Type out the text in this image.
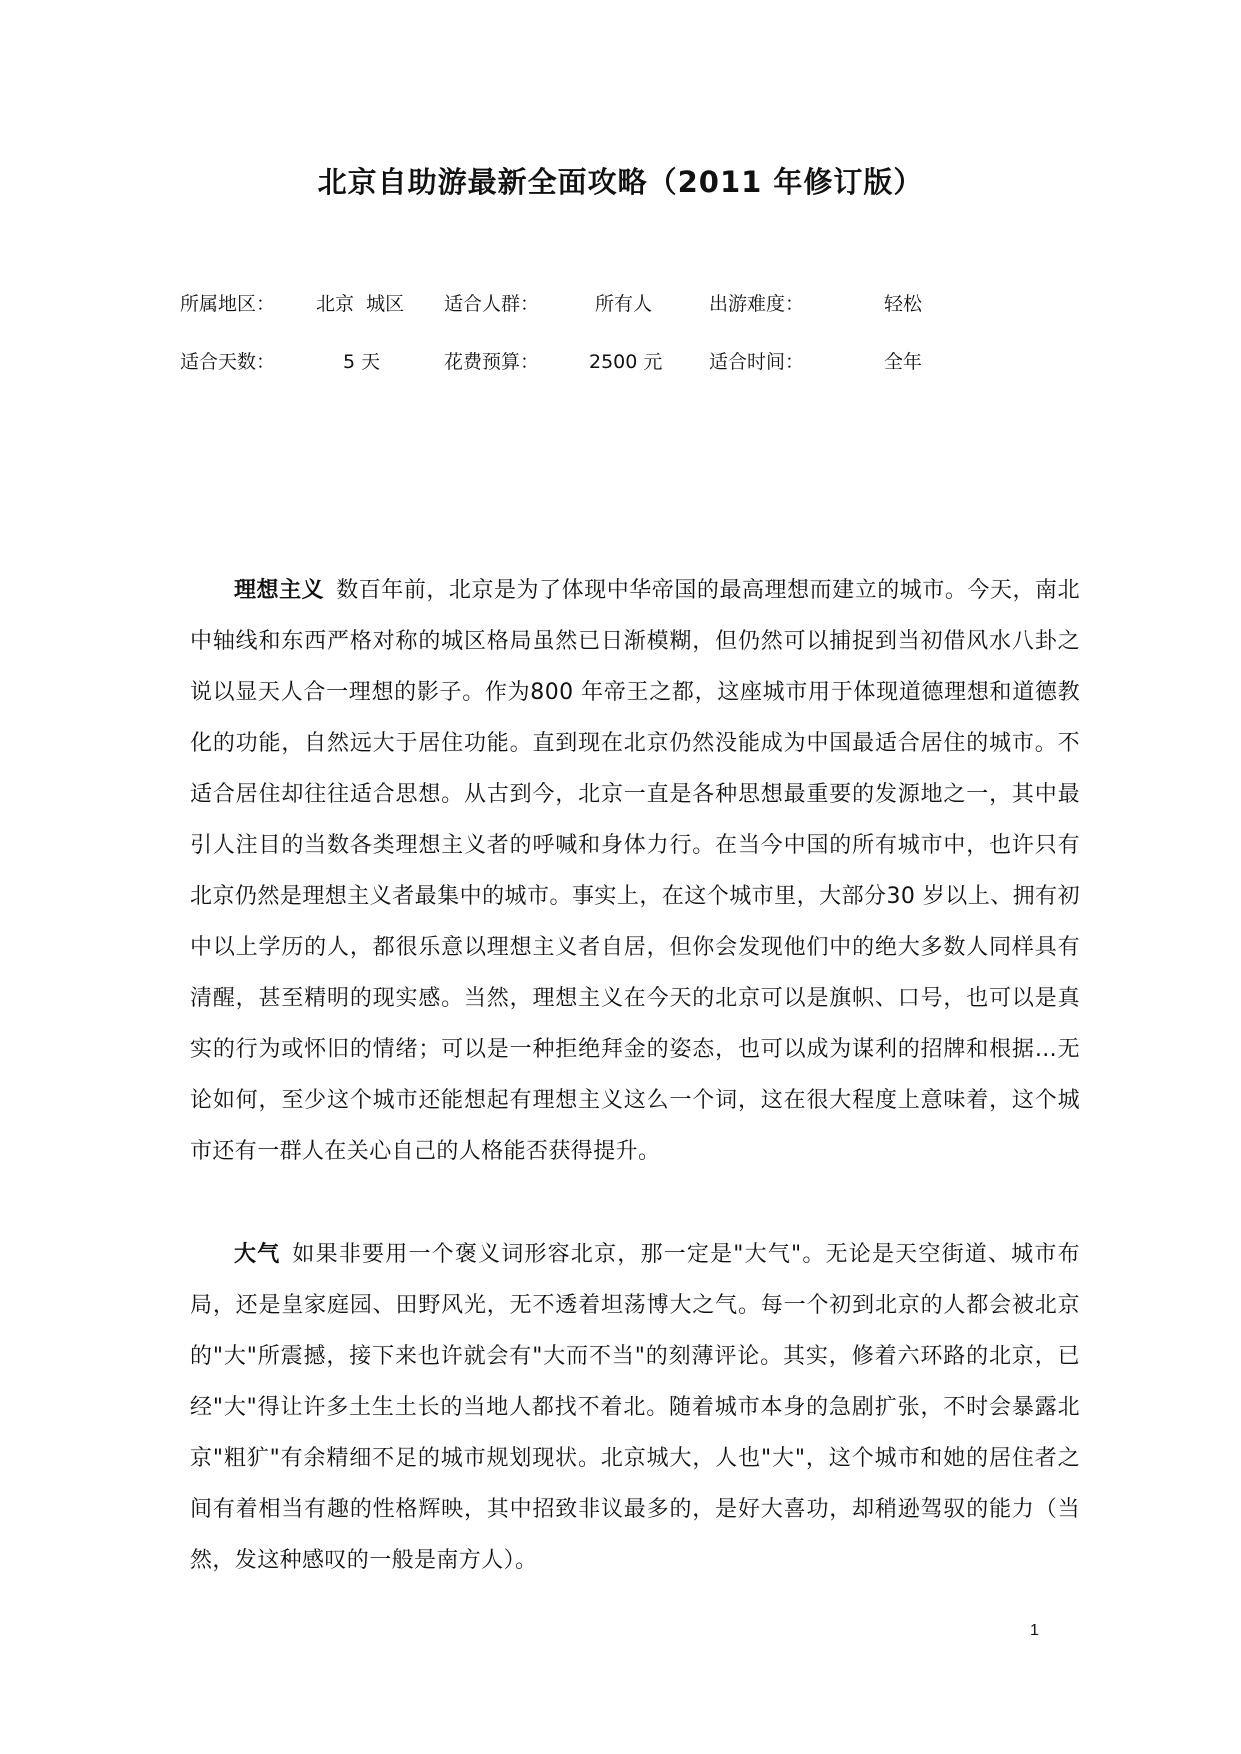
北京自助游最新全面攻略（2011 年修订版）
所属地区： 北京  城区 适合人群：	所有人	出游难度：	轻松
适合天数：	5 天	花费预算：	2500 元 适合时间：	全年

理想主义 数百年前，北京是为了体现中华帝国的最高理想而建立的城市。今天，南北中轴线和东西严格对称的城区格局虽然已日渐模糊，但仍然可以捕捉到当初借风水八卦之说以显天人合一理想的影子。作为800 年帝王之都，这座城市用于体现道德理想和道德教化的功能，自然远大于居住功能。直到现在北京仍然没能成为中国最适合居住的城市。不适合居住却往往适合思想。从古到今，北京一直是各种思想最重要的发源地之一，其中最引人注目的当数各类理想主义者的呼喊和身体力行。在当今中国的所有城市中，也许只有北京仍然是理想主义者最集中的城市。事实上，在这个城市里，大部分30 岁以上、拥有初中以上学历的人，都很乐意以理想主义者自居，但你会发现他们中的绝大多数人同样具有清醒，甚至精明的现实感。当然，理想主义在今天的北京可以是旗帜、口号，也可以是真实的行为或怀旧的情绪；可以是一种拒绝拜金的姿态，也可以成为谋利的招牌和根据…无论如何，至少这个城市还能想起有理想主义这么一个词，这在很大程度上意味着，这个城市还有一群人在关心自己的人格能否获得提升。

大气 如果非要用一个褒义词形容北京，那一定是"大气"。无论是天空街道、城市布局，还是皇家庭园、田野风光，无不透着坦荡博大之气。每一个初到北京的人都会被北京的"大"所震撼，接下来也许就会有"大而不当"的刻薄评论。其实，修着六环路的北京，已经"大"得让许多土生土长的当地人都找不着北。随着城市本身的急剧扩张，不时会暴露北京"粗犷"有余精细不足的城市规划现状。北京城大，人也"大"，这个城市和她的居住者之间有着相当有趣的性格辉映，其中招致非议最多的，是好大喜功，却稍逊驾驭的能力（当然，发这种感叹的一般是南方人）。

1
